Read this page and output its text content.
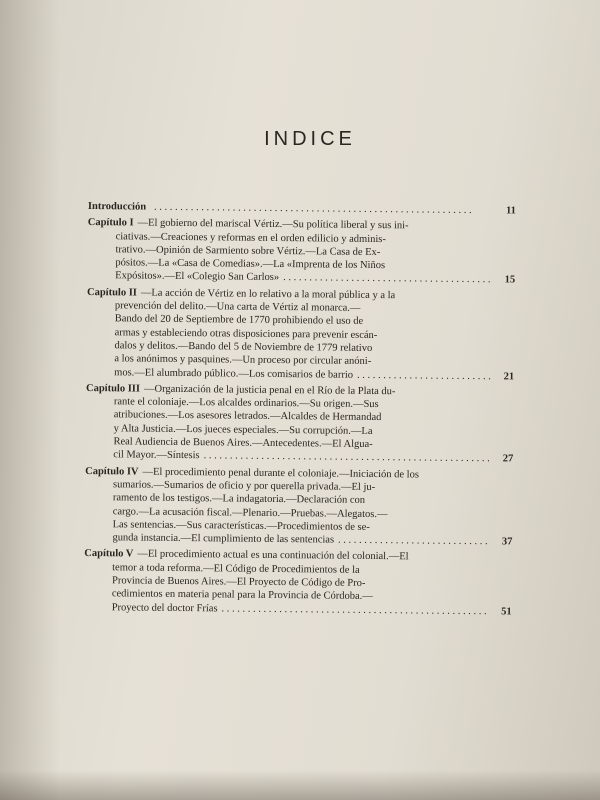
INDICE
Introducción . . .	11
Capítulo I —El gobierno del mariscal Vértiz.—Su política liberal y sus ini-
ciativas.—Creaciones y reformas en el orden edilicio y adminis-
trativo.—Opinión de Sarmiento sobre Vértiz.—La Casa de Ex-
pósitos.—La «Casa de Comedias».—La «Imprenta de los Niños
Expósitos».—El «Colegio San Carlos» . . .	15
Capítulo II —La acción de Vértiz en lo relativo a la moral pública y a la
prevención del delito.—Una carta de Vértiz al monarca.—
Bando del 20 de Septiembre de 1770 prohibiendo el uso de
armas y estableciendo otras disposiciones para prevenir escán-
dalos y delitos.—Bando del 5 de Noviembre de 1779 relativo
a los anónimos y pasquines.—Un proceso por circular anóni-
mos.—El alumbrado público.—Los comisarios de barrio . . .	21
Capítulo III —Organización de la justicia penal en el Río de la Plata du-
rante el coloniaje.—Los alcaldes ordinarios.—Su origen.—Sus
atribuciones.—Los asesores letrados.—Alcaldes de Hermandad
y Alta Justicia.—Los jueces especiales.—Su corrupción.—La
Real Audiencia de Buenos Aires.—Antecedentes.—El Algua-
cil Mayor.—Síntesis . . .	27
Capítulo IV —El procedimiento penal durante el coloniaje.—Iniciación de los
sumarios.—Sumarios de oficio y por querella privada.—El ju-
ramento de los testigos.—La indagatoria.—Declaración con
cargo.—La acusación fiscal.—Plenario.—Pruebas.—Alegatos.—
Las sentencias.—Sus características.—Procedimientos de se-
gunda instancia.—El cumplimiento de las sentencias . . .	37
Capítulo V —El procedimiento actual es una continuación del colonial.—El
temor a toda reforma.—El Código de Procedimientos de la
Provincia de Buenos Aires.—El Proyecto de Código de Pro-
cedimientos en materia penal para la Provincia de Córdoba.—
Proyecto del doctor Frías . . .	51
